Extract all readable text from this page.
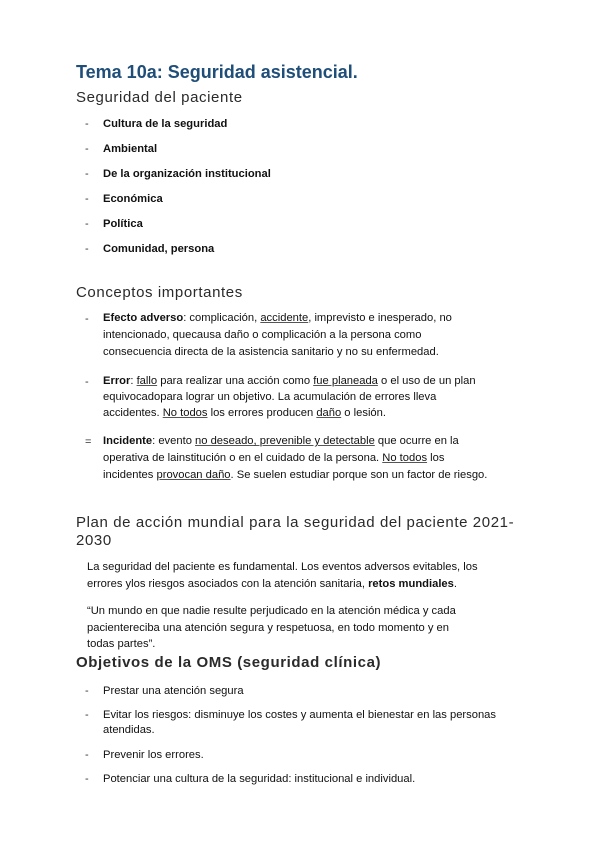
Tema 10a: Seguridad asistencial.
Seguridad del paciente
- Cultura de la seguridad
- Ambiental
- De la organización institucional
- Económica
- Política
- Comunidad, persona
Conceptos importantes
- Efecto adverso: complicación, accidente, imprevisto e inesperado, no
intencionado, quecausa daño o complicación a la persona como
consecuencia directa de la asistencia sanitario y no su enfermedad.
- Error: fallo para realizar una acción como fue planeada o el uso de un plan
equivocadopara lograr un objetivo. La acumulación de errores lleva
accidentes. No todos los errores producen daño o lesión.
= Incidente: evento no deseado, prevenible y detectable que ocurre en la
operativa de lainstitución o en el cuidado de la persona. No todos los
incidentes provocan daño. Se suelen estudiar porque son un factor de riesgo.
Plan de acción mundial para la seguridad del paciente 2021-
2030
La seguridad del paciente es fundamental. Los eventos adversos evitables, los
errores ylos riesgos asociados con la atención sanitaria, retos mundiales.
“Un mundo en que nadie resulte perjudicado en la atención médica y cada
pacientereciba una atención segura y respetuosa, en todo momento y en
todas partes”.
Objetivos de la OMS (seguridad clínica)
- Prestar una atención segura
- Evitar los riesgos: disminuye los costes y aumenta el bienestar en las personas
atendidas.
- Prevenir los errores.
- Potenciar una cultura de la seguridad: institucional e individual.
